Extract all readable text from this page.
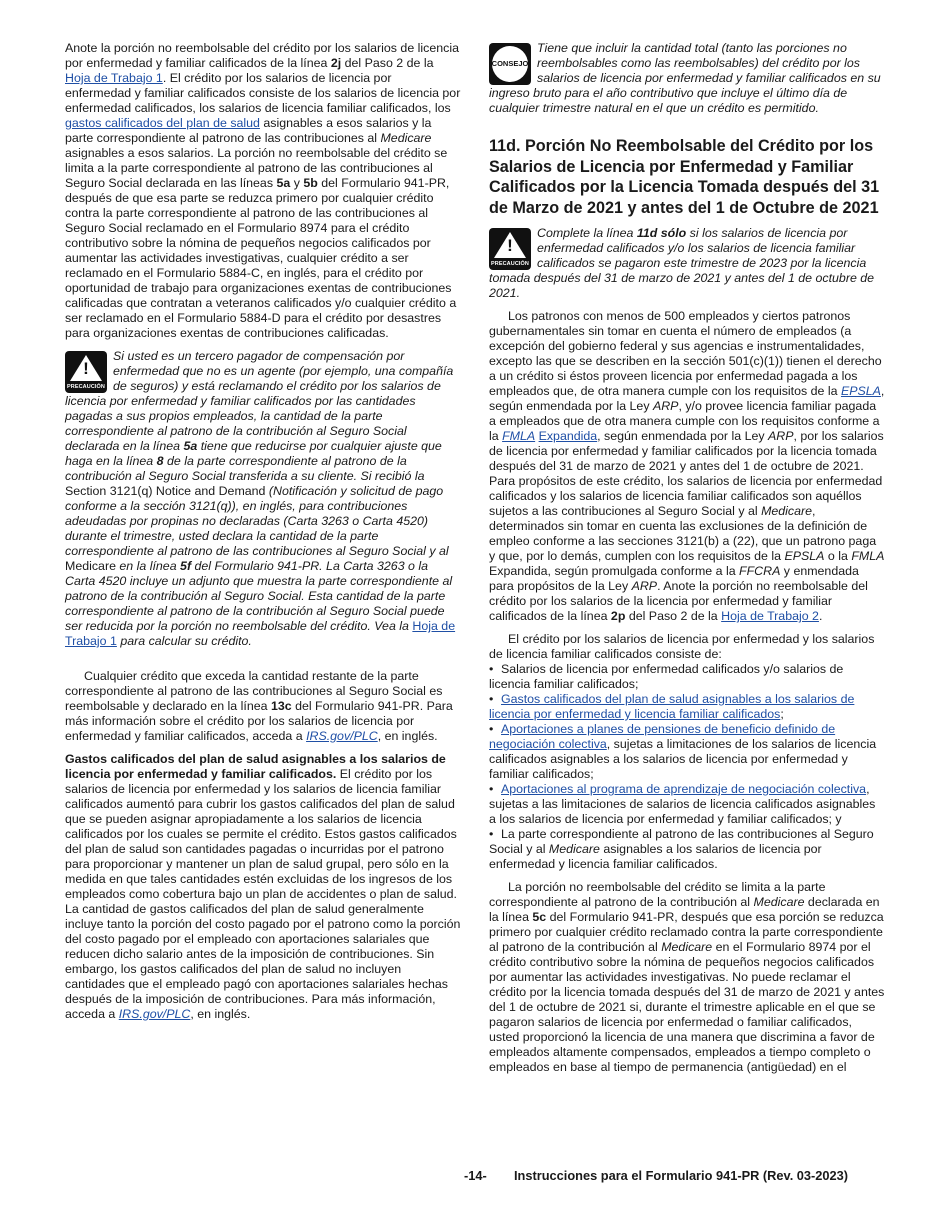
Anote la porción no reembolsable del crédito por los salarios de licencia por enfermedad y familiar calificados de la línea 2j del Paso 2 de la Hoja de Trabajo 1. El crédito por los salarios de licencia por enfermedad y familiar calificados consiste de los salarios de licencia por enfermedad calificados, los salarios de licencia familiar calificados, los gastos calificados del plan de salud asignables a esos salarios y la parte correspondiente al patrono de las contribuciones al Medicare asignables a esos salarios. La porción no reembolsable del crédito se limita a la parte correspondiente al patrono de las contribuciones al Seguro Social declarada en las líneas 5a y 5b del Formulario 941-PR, después de que esa parte se reduzca primero por cualquier crédito contra la parte correspondiente al patrono de las contribuciones al Seguro Social reclamado en el Formulario 8974 para el crédito contributivo sobre la nómina de pequeños negocios calificados por aumentar las actividades investigativas, cualquier crédito a ser reclamado en el Formulario 5884-C, en inglés, para el crédito por oportunidad de trabajo para organizaciones exentas de contribuciones calificadas que contratan a veteranos calificados y/o cualquier crédito a ser reclamado en el Formulario 5884-D para el crédito por desastres para organizaciones exentas de contribuciones calificadas.

!
PRECAUCIÓN
Si usted es un tercero pagador de compensación por enfermedad que no es un agente (por ejemplo, una compañía de seguros) y está reclamando el crédito por los salarios de licencia por enfermedad y familiar calificados por las cantidades pagadas a sus propios empleados, la cantidad de la parte correspondiente al patrono de la contribución al Seguro Social declarada en la línea 5a tiene que reducirse por cualquier ajuste que haga en la línea 8 de la parte correspondiente al patrono de la contribución al Seguro Social transferida a su cliente. Si recibió la Section 3121(q) Notice and Demand (Notificación y solicitud de pago conforme a la sección 3121(q)), en inglés, para contribuciones adeudadas por propinas no declaradas (Carta 3263 o Carta 4520) durante el trimestre, usted declara la cantidad de la parte correspondiente al patrono de las contribuciones al Seguro Social y al Medicare en la línea 5f del Formulario 941-PR. La Carta 3263 o la Carta 4520 incluye un adjunto que muestra la parte correspondiente al patrono de la contribución al Seguro Social. Esta cantidad de la parte correspondiente al patrono de la contribución al Seguro Social puede ser reducida por la porción no reembolsable del crédito. Vea la Hoja de Trabajo 1 para calcular su crédito.

Cualquier crédito que exceda la cantidad restante de la parte correspondiente al patrono de las contribuciones al Seguro Social es reembolsable y declarado en la línea 13c del Formulario 941-PR. Para más información sobre el crédito por los salarios de licencia por enfermedad y familiar calificados, acceda a IRS.gov/PLC, en inglés.

Gastos calificados del plan de salud asignables a los salarios de licencia por enfermedad y familiar calificados. El crédito por los salarios de licencia por enfermedad y los salarios de licencia familiar calificados aumentó para cubrir los gastos calificados del plan de salud que se pueden asignar apropiadamente a los salarios de licencia calificados por los cuales se permite el crédito. Estos gastos calificados del plan de salud son cantidades pagadas o incurridas por el patrono para proporcionar y mantener un plan de salud grupal, pero sólo en la medida en que tales cantidades estén excluidas de los ingresos de los empleados como cobertura bajo un plan de accidentes o plan de salud. La cantidad de gastos calificados del plan de salud generalmente incluye tanto la porción del costo pagado por el patrono como la porción del costo pagado por el empleado con aportaciones salariales que reducen dicho salario antes de la imposición de contribuciones. Sin embargo, los gastos calificados del plan de salud no incluyen cantidades que el empleado pagó con aportaciones salariales hechas después de la imposición de contribuciones. Para más información, acceda a IRS.gov/PLC, en inglés.

CONSEJO
Tiene que incluir la cantidad total (tanto las porciones no reembolsables como las reembolsables) del crédito por los salarios de licencia por enfermedad y familiar calificados en su ingreso bruto para el año contributivo que incluye el último día de cualquier trimestre natural en el que un crédito es permitido.
11d. Porción No Reembolsable del Crédito por los Salarios de Licencia por Enfermedad y Familiar Calificados por la Licencia Tomada después del 31 de Marzo de 2021 y antes del 1 de Octubre de 2021
!
PRECAUCIÓN
Complete la línea 11d sólo si los salarios de licencia por enfermedad calificados y/o los salarios de licencia familiar calificados se pagaron este trimestre de 2023 por la licencia tomada después del 31 de marzo de 2021 y antes del 1 de octubre de 2021.

Los patronos con menos de 500 empleados y ciertos patronos gubernamentales sin tomar en cuenta el número de empleados (a excepción del gobierno federal y sus agencias e instrumentalidades, excepto las que se describen en la sección 501(c)(1)) tienen el derecho a un crédito si éstos proveen licencia por enfermedad pagada a los empleados que, de otra manera cumple con los requisitos de la EPSLA, según enmendada por la Ley ARP, y/o provee licencia familiar pagada a empleados que de otra manera cumple con los requisitos conforme a la FMLA Expandida, según enmendada por la Ley ARP, por los salarios de licencia por enfermedad y familiar calificados por la licencia tomada después del 31 de marzo de 2021 y antes del 1 de octubre de 2021. Para propósitos de este crédito, los salarios de licencia por enfermedad calificados y los salarios de licencia familiar calificados son aquéllos sujetos a las contribuciones al Seguro Social y al Medicare, determinados sin tomar en cuenta las exclusiones de la definición de empleo conforme a las secciones 3121(b) a (22), que un patrono paga y que, por lo demás, cumplen con los requisitos de la EPSLA o la FMLA Expandida, según promulgada conforme a la FFCRA y enmendada para propósitos de la Ley ARP. Anote la porción no reembolsable del crédito por los salarios de la licencia por enfermedad y familiar calificados de la línea 2p del Paso 2 de la Hoja de Trabajo 2.

El crédito por los salarios de licencia por enfermedad y los salarios de licencia familiar calificados consiste de:

• Salarios de licencia por enfermedad calificados y/o salarios de licencia familiar calificados;
• Gastos calificados del plan de salud asignables a los salarios de licencia por enfermedad y licencia familiar calificados;
• Aportaciones a planes de pensiones de beneficio definido de negociación colectiva, sujetas a limitaciones de los salarios de licencia calificados asignables a los salarios de licencia por enfermedad y familiar calificados;
• Aportaciones al programa de aprendizaje de negociación colectiva, sujetas a las limitaciones de salarios de licencia calificados asignables a los salarios de licencia por enfermedad y familiar calificados; y
• La parte correspondiente al patrono de las contribuciones al Seguro Social y al Medicare asignables a los salarios de licencia por enfermedad y licencia familiar calificados.

La porción no reembolsable del crédito se limita a la parte correspondiente al patrono de la contribución al Medicare declarada en la línea 5c del Formulario 941-PR, después que esa porción se reduzca primero por cualquier crédito reclamado contra la parte correspondiente al patrono de la contribución al Medicare en el Formulario 8974 por el crédito contributivo sobre la nómina de pequeños negocios calificados por aumentar las actividades investigativas. No puede reclamar el crédito por la licencia tomada después del 31 de marzo de 2021 y antes del 1 de octubre de 2021 si, durante el trimestre aplicable en el que se pagaron salarios de licencia por enfermedad o familiar calificados, usted proporcionó la licencia de una manera que discrimina a favor de empleados altamente compensados, empleados a tiempo completo o empleados en base al tiempo de permanencia (antigüedad) en el

-14- Instrucciones para el Formulario 941-PR (Rev. 03-2023)
